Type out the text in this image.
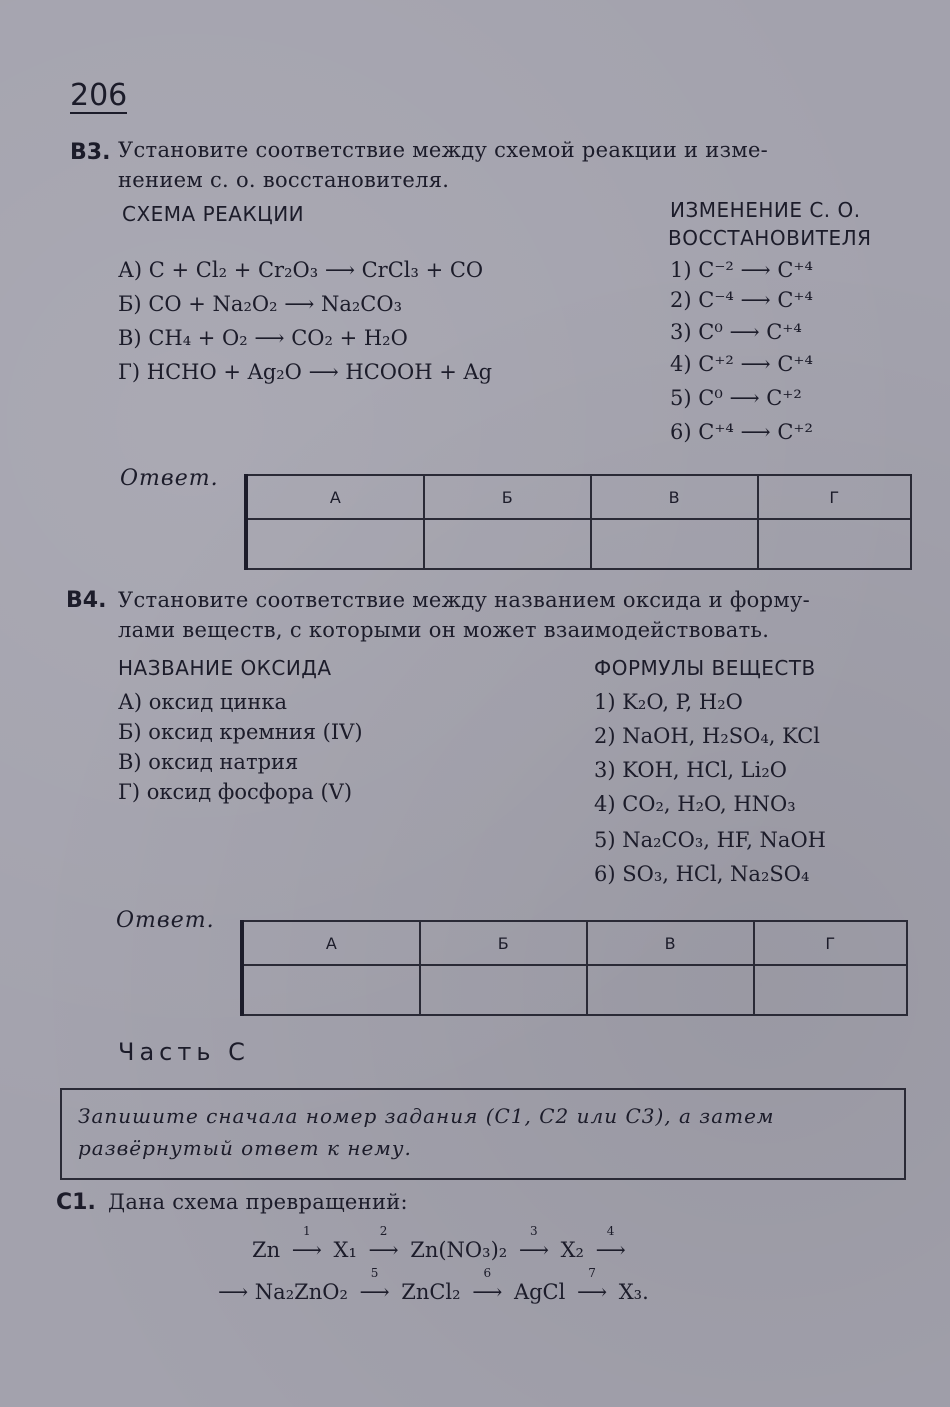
206
B3. Установите соответствие между схемой реакции и изме-
нением с. о. восстановителя.
СХЕМА РЕАКЦИИ	ИЗМЕНЕНИЕ С. О.
ВОССТАНОВИТЕЛЯ
А) C + Cl₂ + Cr₂O₃ ⟶ CrCl₃ + CO
Б) CO + Na₂O₂ ⟶ Na₂CO₃
В) CH₄ + O₂ ⟶ CO₂ + H₂O
Г) HCHO + Ag₂O ⟶ HCOOH + Ag
1) C⁻² ⟶ C⁺⁴
2) C⁻⁴ ⟶ C⁺⁴
3) C⁰ ⟶ C⁺⁴
4) C⁺² ⟶ C⁺⁴
5) C⁰ ⟶ C⁺²
6) C⁺⁴ ⟶ C⁺²
Ответ.
А	Б	В	Г

B4. Установите соответствие между названием оксида и форму-
лами веществ, с которыми он может взаимодействовать.
НАЗВАНИЕ ОКСИДА	ФОРМУЛЫ ВЕЩЕСТВ
А) оксид цинка
Б) оксид кремния (IV)
В) оксид натрия
Г) оксид фосфора (V)
1) K₂O, P, H₂O
2) NaOH, H₂SO₄, KCl
3) KOH, HCl, Li₂O
4) CO₂, H₂O, HNO₃
5) Na₂CO₃, HF, NaOH
6) SO₃, HCl, Na₂SO₄
Ответ.
А	Б	В	Г

Часть С
Запишите сначала номер задания (С1, С2 или С3), а затем
развёрнутый ответ к нему.
С1. Дана схема превращений:
Zn
1
⟶ X₁
2
⟶ Zn(NO₃)₂
3
⟶ X₂
4
⟶
⟶ Na₂ZnO₂
5
⟶ ZnCl₂
6
⟶ AgCl
7
⟶ X₃.
